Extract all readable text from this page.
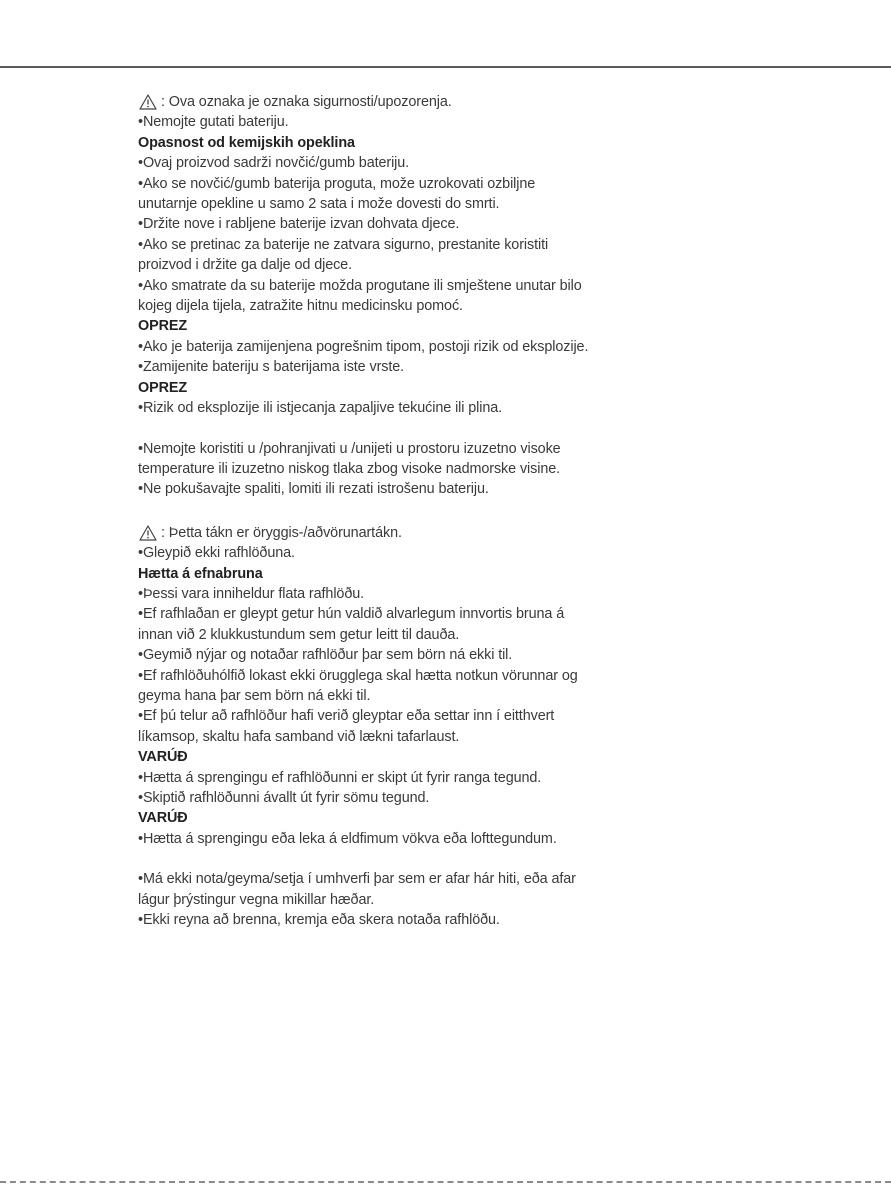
: Ova oznaka je oznaka sigurnosti/upozorenja.
•Nemojte gutati bateriju.
Opasnost od kemijskih opeklina
•Ovaj proizvod sadrži novčić/gumb bateriju.
•Ako se novčić/gumb baterija proguta, može uzrokovati ozbiljne
unutarnje opekline u samo 2 sata i može dovesti do smrti.
•Držite nove i rabljene baterije izvan dohvata djece.
•Ako se pretinac za baterije ne zatvara sigurno, prestanite koristiti
proizvod i držite ga dalje od djece.
•Ako smatrate da su baterije možda progutane ili smještene unutar bilo
kojeg dijela tijela, zatražite hitnu medicinsku pomoć.
OPREZ
•Ako je baterija zamijenjena pogrešnim tipom, postoji rizik od eksplozije.
•Zamijenite bateriju s baterijama iste vrste.
OPREZ
•Rizik od eksplozije ili istjecanja zapaljive tekućine ili plina.
•Nemojte koristiti u /pohranjivati u /unijeti u prostoru izuzetno visoke
temperature ili izuzetno niskog tlaka zbog visoke nadmorske visine.
•Ne pokušavajte spaliti, lomiti ili rezati istrošenu bateriju.
: Þetta tákn er öryggis-/aðvörunartákn.
•Gleypið ekki rafhlöðuna.
Hætta á efnabruna
•Þessi vara inniheldur flata rafhlöðu.
•Ef rafhlaðan er gleypt getur hún valdið alvarlegum innvortis bruna á
innan við 2 klukkustundum sem getur leitt til dauða.
•Geymið nýjar og notaðar rafhlöður þar sem börn ná ekki til.
•Ef rafhlöðuhólfið lokast ekki örugglega skal hætta notkun vörunnar og
geyma hana þar sem börn ná ekki til.
•Ef þú telur að rafhlöður hafi verið gleyptar eða settar inn í eitthvert
líkamsop, skaltu hafa samband við lækni tafarlaust.
VARÚÐ
•Hætta á sprengingu ef rafhlöðunni er skipt út fyrir ranga tegund.
•Skiptið rafhlöðunni ávallt út fyrir sömu tegund.
VARÚÐ
•Hætta á sprengingu eða leka á eldfimum vökva eða lofttegundum.
•Má ekki nota/geyma/setja í umhverfi þar sem er afar hár hiti, eða afar
lágur þrýstingur vegna mikillar hæðar.
•Ekki reyna að brenna, kremja eða skera notaða rafhlöðu.
